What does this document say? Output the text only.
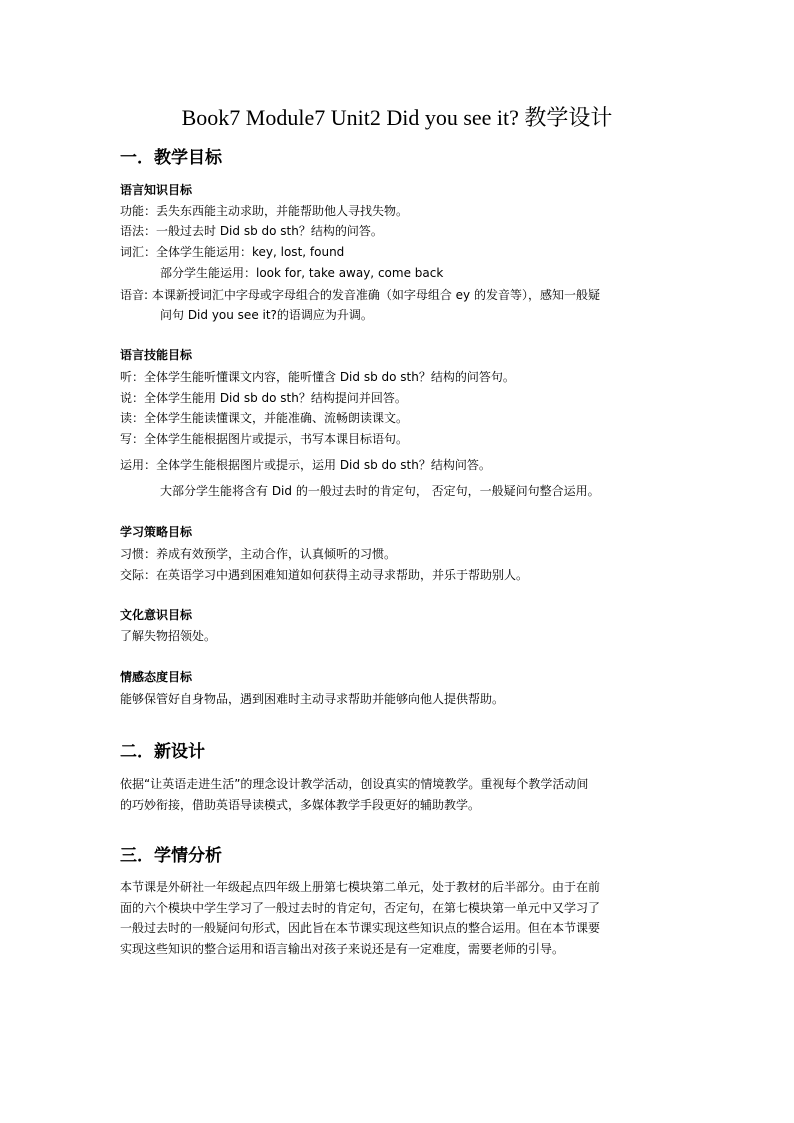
Book7 Module7 Unit2 Did you see it? 教学设计
一．教学目标
语言知识目标
功能：丢失东西能主动求助，并能帮助他人寻找失物。
语法：一般过去时 Did sb do sth？结构的问答。
词汇：全体学生能运用：key, lost, found
部分学生能运用：look for, take away, come back
语音: 本课新授词汇中字母或字母组合的发音准确（如字母组合 ey 的发音等），感知一般疑
问句 Did you see it?的语调应为升调。
语言技能目标
听：全体学生能听懂课文内容，能听懂含 Did sb do sth？结构的问答句。
说：全体学生能用 Did sb do sth？结构提问并回答。
读：全体学生能读懂课文，并能准确、流畅朗读课文。
写：全体学生能根据图片或提示，书写本课目标语句。
运用：全体学生能根据图片或提示，运用 Did sb do sth？结构问答。
大部分学生能将含有 Did 的一般过去时的肯定句， 否定句，一般疑问句整合运用。
学习策略目标
习惯：养成有效预学，主动合作，认真倾听的习惯。
交际：在英语学习中遇到困难知道如何获得主动寻求帮助，并乐于帮助别人。
文化意识目标
了解失物招领处。
情感态度目标
能够保管好自身物品，遇到困难时主动寻求帮助并能够向他人提供帮助。
二．新设计
依据“让英语走进生活”的理念设计教学活动，创设真实的情境教学。重视每个教学活动间
的巧妙衔接，借助英语导读模式，多媒体教学手段更好的辅助教学。
三．学情分析
本节课是外研社一年级起点四年级上册第七模块第二单元，处于教材的后半部分。由于在前
面的六个模块中学生学习了一般过去时的肯定句，否定句，在第七模块第一单元中又学习了
一般过去时的一般疑问句形式，因此旨在本节课实现这些知识点的整合运用。但在本节课要
实现这些知识的整合运用和语言输出对孩子来说还是有一定难度，需要老师的引导。
